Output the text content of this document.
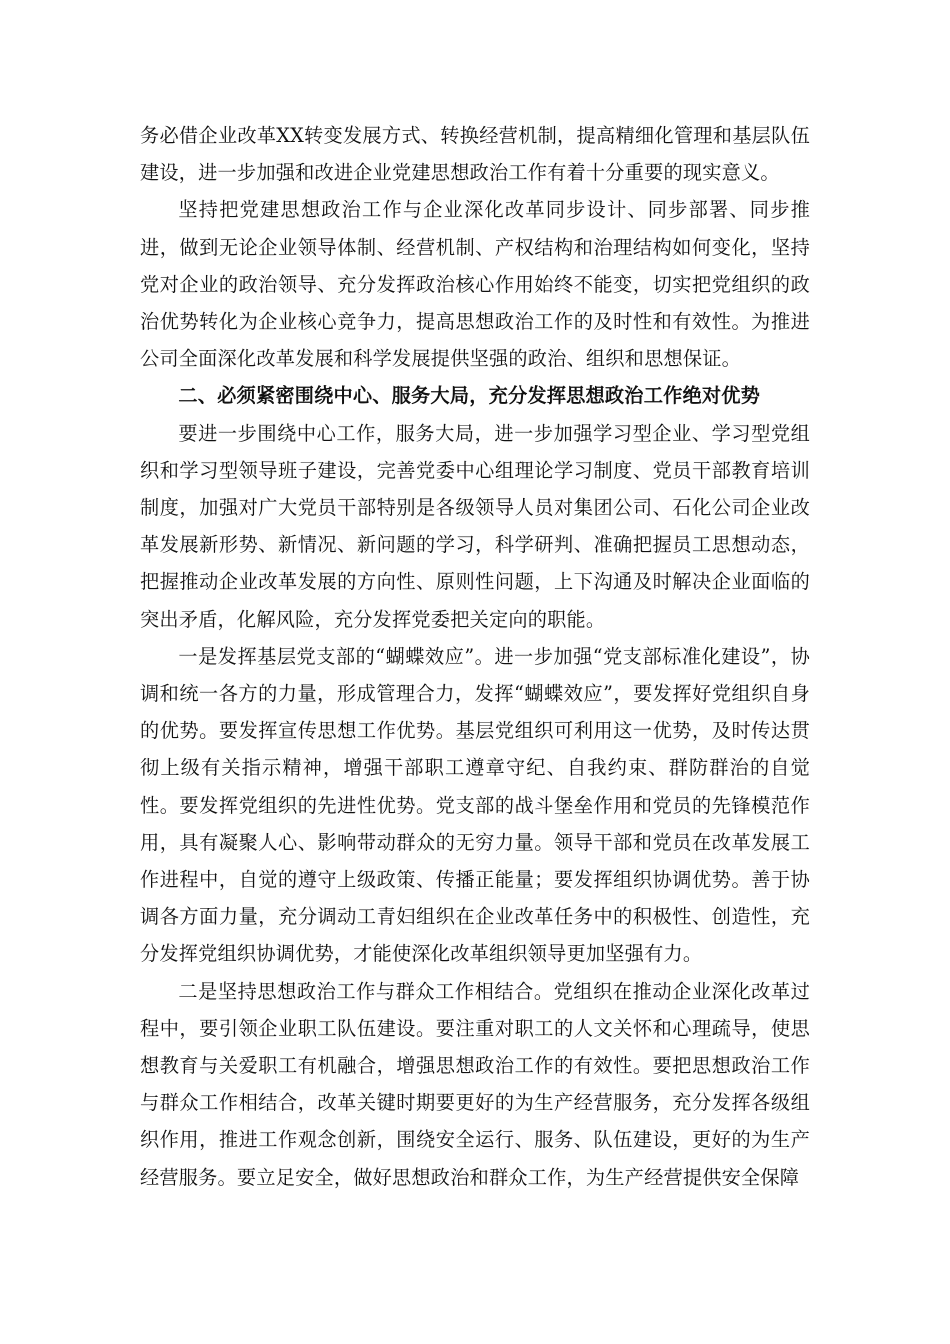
务必借企业改革XX转变发展方式、转换经营机制，提高精细化管理和基层队伍建设，进一步加强和改进企业党建思想政治工作有着十分重要的现实意义。

坚持把党建思想政治工作与企业深化改革同步设计、同步部署、同步推进，做到无论企业领导体制、经营机制、产权结构和治理结构如何变化，坚持党对企业的政治领导、充分发挥政治核心作用始终不能变，切实把党组织的政治优势转化为企业核心竞争力，提高思想政治工作的及时性和有效性。为推进公司全面深化改革发展和科学发展提供坚强的政治、组织和思想保证。

二、必须紧密围绕中心、服务大局，充分发挥思想政治工作绝对优势

要进一步围绕中心工作，服务大局，进一步加强学习型企业、学习型党组织和学习型领导班子建设，完善党委中心组理论学习制度、党员干部教育培训制度，加强对广大党员干部特别是各级领导人员对集团公司、石化公司企业改革发展新形势、新情况、新问题的学习，科学研判、准确把握员工思想动态，把握推动企业改革发展的方向性、原则性问题，上下沟通及时解决企业面临的突出矛盾，化解风险，充分发挥党委把关定向的职能。

一是发挥基层党支部的“蝴蝶效应”。进一步加强“党支部标准化建设”，协调和统一各方的力量，形成管理合力，发挥“蝴蝶效应”，要发挥好党组织自身的优势。要发挥宣传思想工作优势。基层党组织可利用这一优势，及时传达贯彻上级有关指示精神，增强干部职工遵章守纪、自我约束、群防群治的自觉性。要发挥党组织的先进性优势。党支部的战斗堡垒作用和党员的先锋模范作用，具有凝聚人心、影响带动群众的无穷力量。领导干部和党员在改革发展工作进程中，自觉的遵守上级政策、传播正能量；要发挥组织协调优势。善于协调各方面力量，充分调动工青妇组织在企业改革任务中的积极性、创造性，充分发挥党组织协调优势，才能使深化改革组织领导更加坚强有力。

二是坚持思想政治工作与群众工作相结合。党组织在推动企业深化改革过程中，要引领企业职工队伍建设。要注重对职工的人文关怀和心理疏导，使思想教育与关爱职工有机融合，增强思想政治工作的有效性。要把思想政治工作与群众工作相结合，改革关键时期要更好的为生产经营服务，充分发挥各级组织作用，推进工作观念创新，围绕安全运行、服务、队伍建设，更好的为生产经营服务。要立足安全，做好思想政治和群众工作，为生产经营提供安全保障
